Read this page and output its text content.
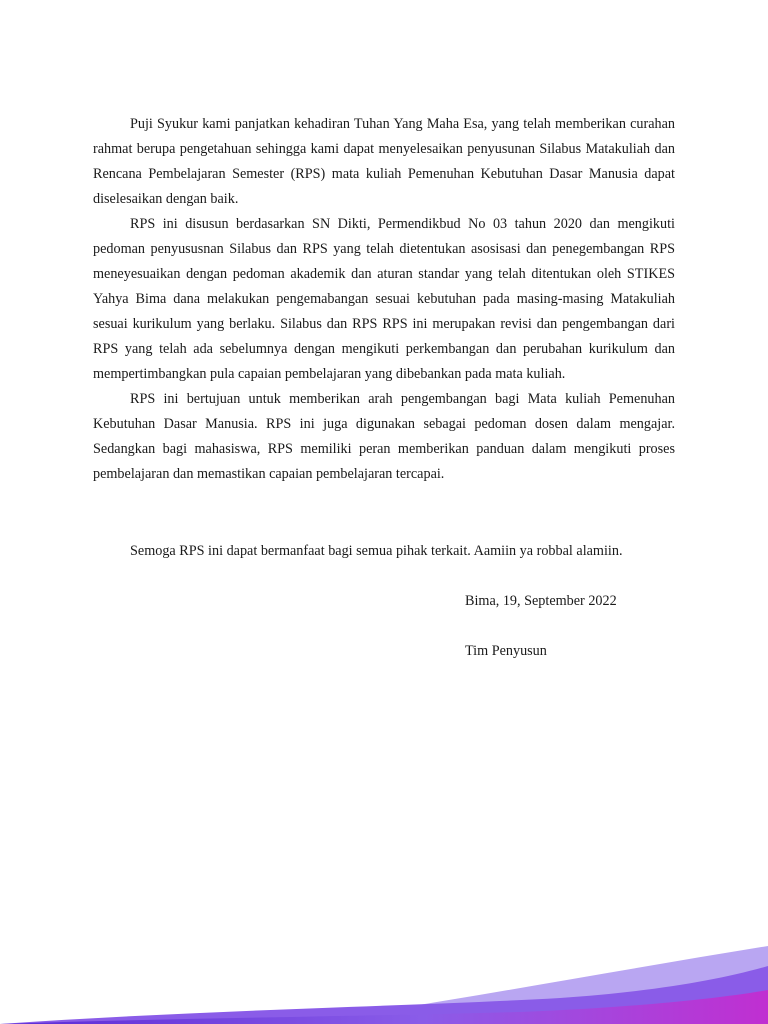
Puji Syukur kami panjatkan kehadiran Tuhan Yang Maha Esa, yang telah memberikan curahan rahmat berupa pengetahuan sehingga kami dapat menyelesaikan penyusunan Silabus Matakuliah dan Rencana Pembelajaran Semester (RPS) mata kuliah Pemenuhan Kebutuhan Dasar Manusia dapat diselesaikan dengan baik.

RPS ini disusun berdasarkan SN Dikti, Permendikbud No 03 tahun 2020 dan mengikuti pedoman penyususnan Silabus dan RPS yang telah dietentukan asosisasi dan penegembangan RPS meneyesuaikan dengan pedoman akademik dan aturan standar yang telah ditentukan oleh STIKES Yahya Bima dana melakukan pengemabangan sesuai kebutuhan pada masing-masing Matakuliah sesuai kurikulum yang berlaku. Silabus dan RPS RPS ini merupakan revisi dan pengembangan dari RPS yang telah ada sebelumnya dengan mengikuti perkembangan dan perubahan kurikulum dan mempertimbangkan pula capaian pembelajaran yang dibebankan pada mata kuliah.

RPS ini bertujuan untuk memberikan arah pengembangan bagi Mata kuliah Pemenuhan Kebutuhan Dasar Manusia. RPS ini juga digunakan sebagai pedoman dosen dalam mengajar. Sedangkan bagi mahasiswa, RPS memiliki peran memberikan panduan dalam mengikuti proses pembelajaran dan memastikan capaian pembelajaran tercapai.

Semoga RPS ini dapat bermanfaat bagi semua pihak terkait. Aamiin ya robbal alamiin.

Bima, 19, September 2022

Tim Penyusun
